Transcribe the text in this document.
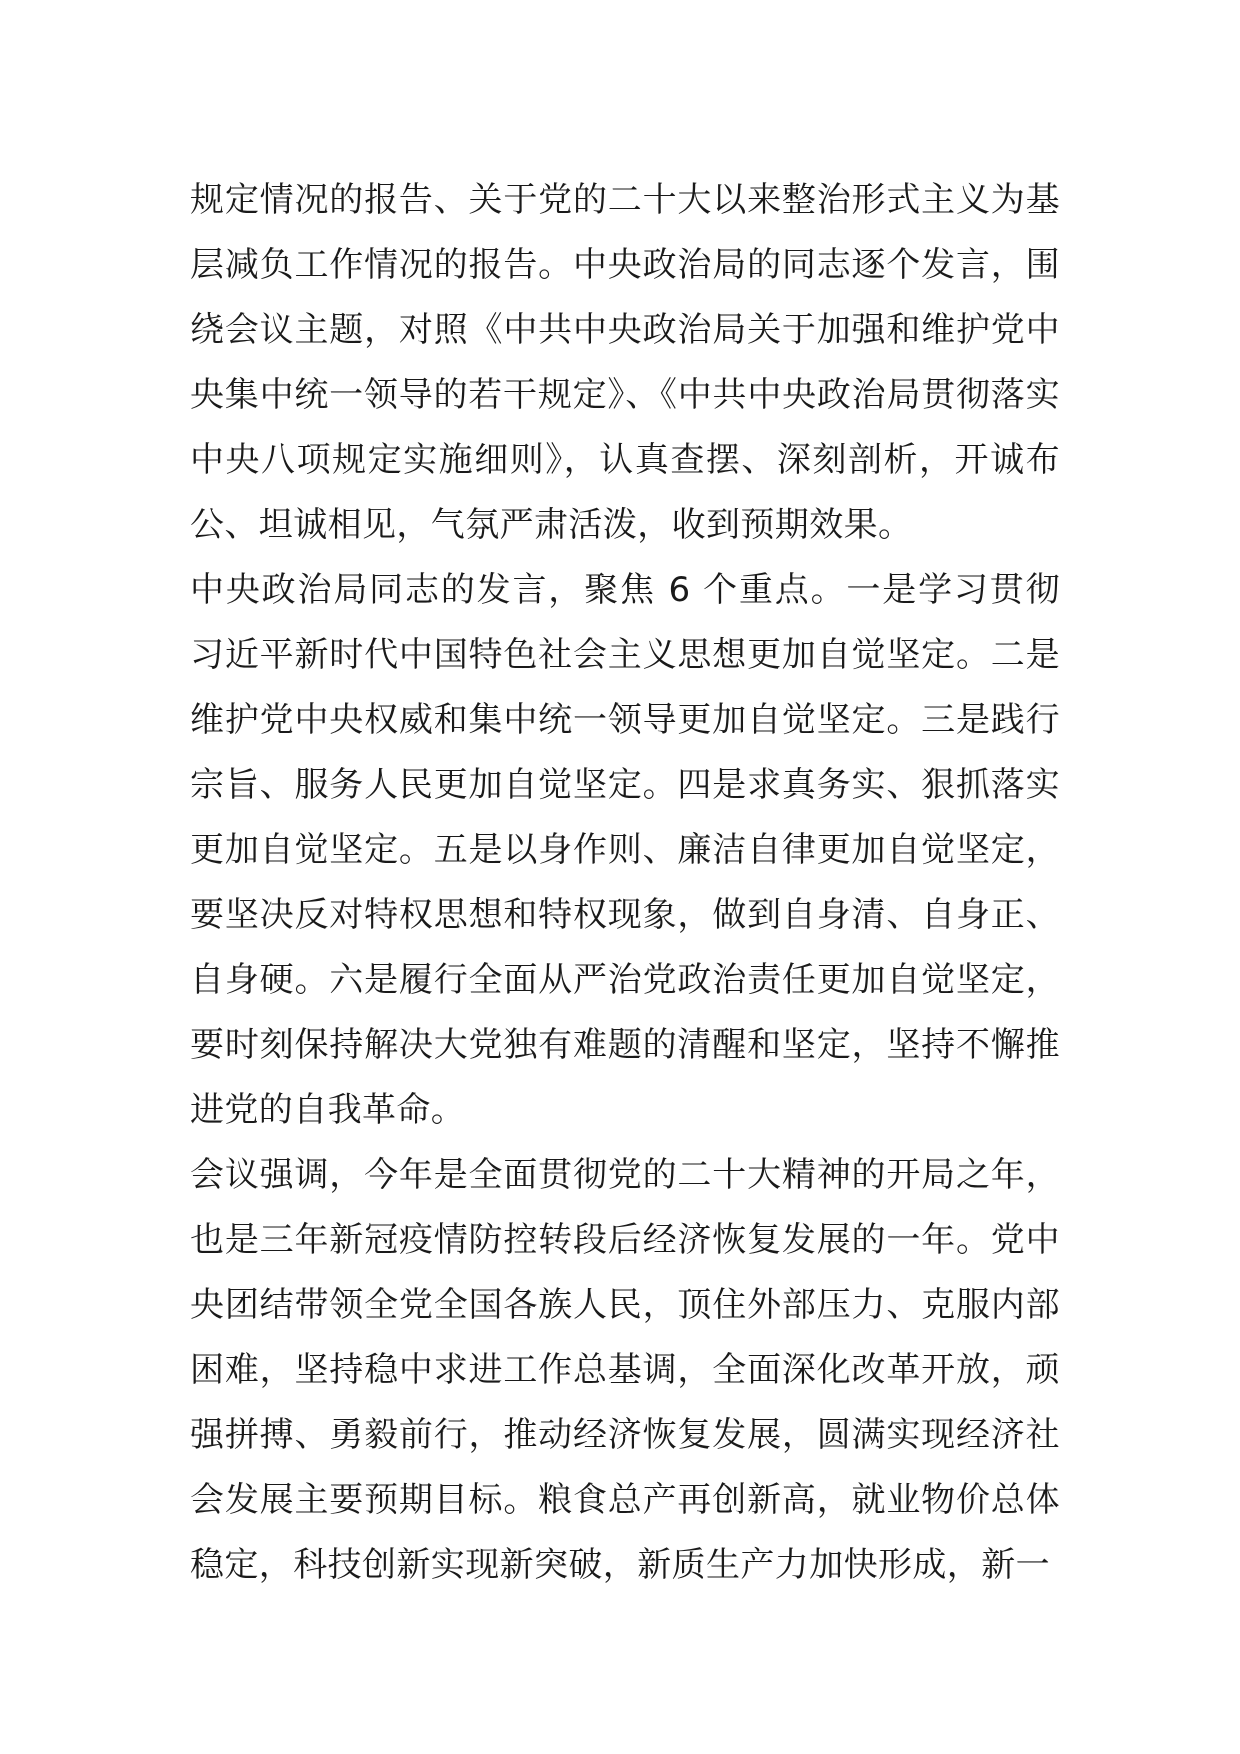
规定情况的报告、关于党的二十大以来整治形式主义为基层减负工作情况的报告。中央政治局的同志逐个发言，围绕会议主题，对照《中共中央政治局关于加强和维护党中央集中统一领导的若干规定》、《中共中央政治局贯彻落实中央八项规定实施细则》，认真查摆、深刻剖析，开诚布公、坦诚相见，气氛严肃活泼，收到预期效果。

中央政治局同志的发言，聚焦 6 个重点。一是学习贯彻习近平新时代中国特色社会主义思想更加自觉坚定。二是维护党中央权威和集中统一领导更加自觉坚定。三是践行宗旨、服务人民更加自觉坚定。四是求真务实、狠抓落实更加自觉坚定。五是以身作则、廉洁自律更加自觉坚定，要坚决反对特权思想和特权现象，做到自身清、自身正、自身硬。六是履行全面从严治党政治责任更加自觉坚定，要时刻保持解决大党独有难题的清醒和坚定，坚持不懈推进党的自我革命。

会议强调，今年是全面贯彻党的二十大精神的开局之年，也是三年新冠疫情防控转段后经济恢复发展的一年。党中央团结带领全党全国各族人民，顶住外部压力、克服内部困难，坚持稳中求进工作总基调，全面深化改革开放，顽强拼搏、勇毅前行，推动经济恢复发展，圆满实现经济社会发展主要预期目标。粮食总产再创新高，就业物价总体稳定，科技创新实现新突破，新质生产力加快形成，新一
